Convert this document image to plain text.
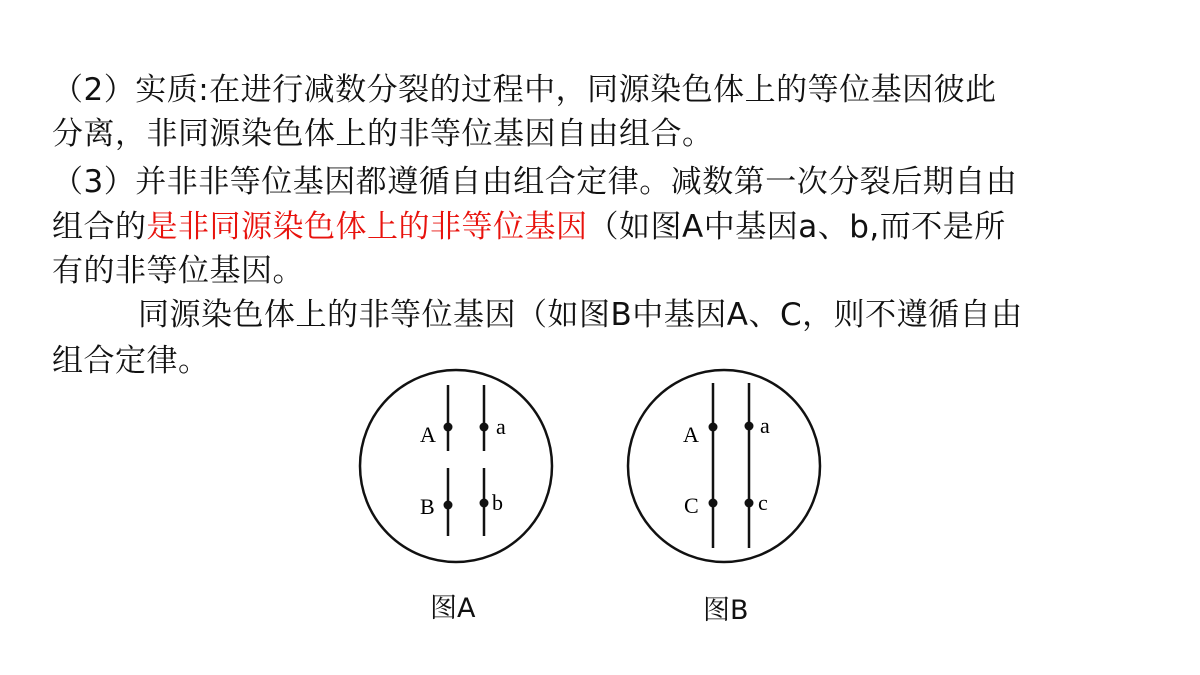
（2）实质:在进行减数分裂的过程中，同源染色体上的等位基因彼此
分离，非同源染色体上的非等位基因自由组合。
（3）并非非等位基因都遵循自由组合定律。减数第一次分裂后期自由
组合的是非同源染色体上的非等位基因（如图A中基因a、b,而不是所
有的非等位基因。
同源染色体上的非等位基因（如图B中基因A、C，则不遵循自由
组合定律。
A	a
B	b
图A
A	a
C	c
图B
